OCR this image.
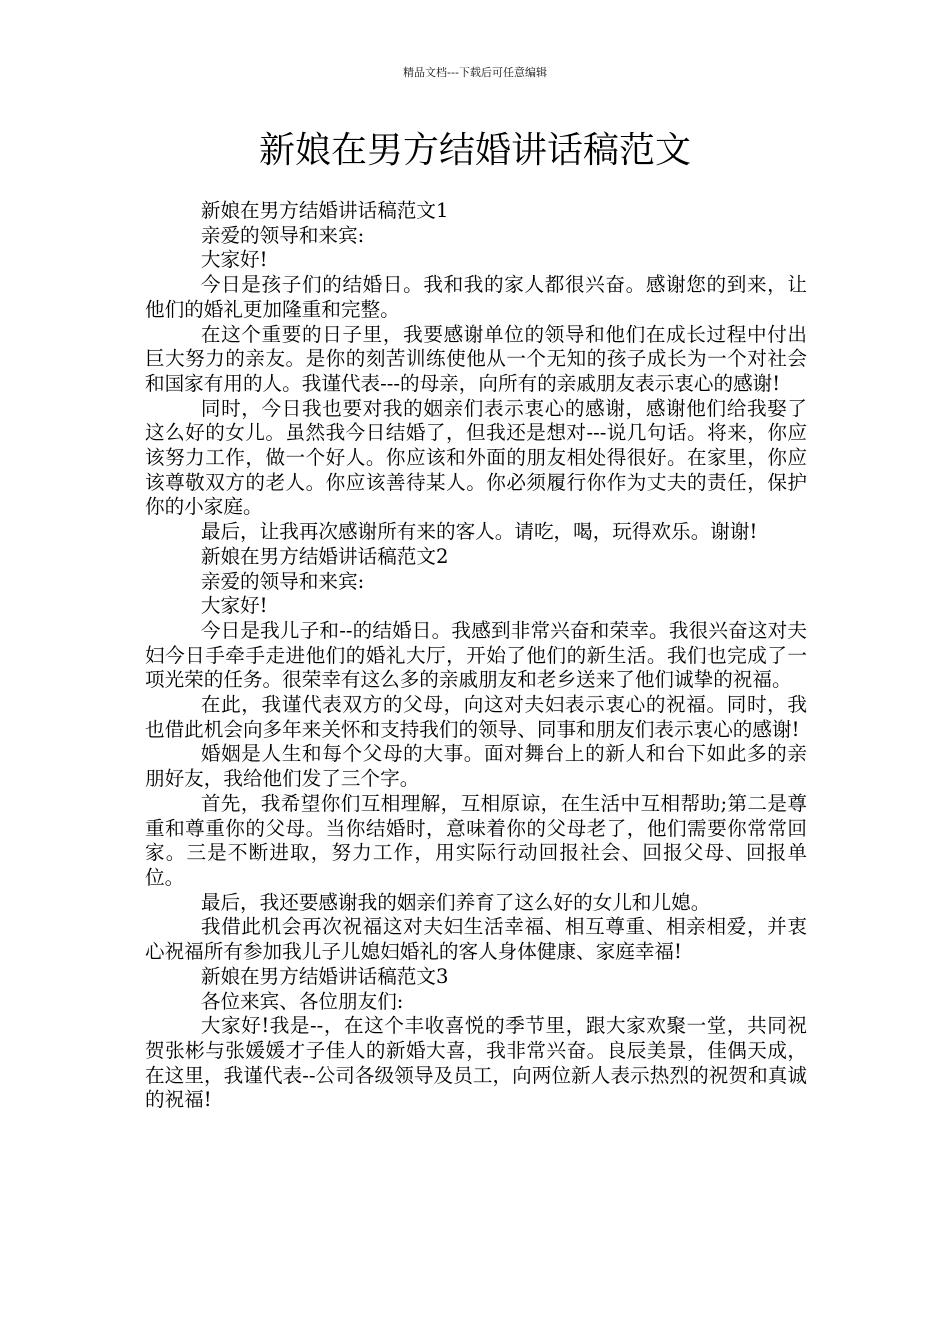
精品文档---下载后可任意编辑
新娘在男方结婚讲话稿范文

新娘在男方结婚讲话稿范文1

亲爱的领导和来宾:

大家好!

今日是孩子们的结婚日。我和我的家人都很兴奋。感谢您的到来，让他们的婚礼更加隆重和完整。

在这个重要的日子里，我要感谢单位的领导和他们在成长过程中付出巨大努力的亲友。是你的刻苦训练使他从一个无知的孩子成长为一个对社会和国家有用的人。我谨代表---的母亲，向所有的亲戚朋友表示衷心的感谢!

同时，今日我也要对我的姻亲们表示衷心的感谢，感谢他们给我娶了这么好的女儿。虽然我今日结婚了，但我还是想对---说几句话。将来，你应该努力工作，做一个好人。你应该和外面的朋友相处得很好。在家里，你应该尊敬双方的老人。你应该善待某人。你必须履行你作为丈夫的责任，保护你的小家庭。

最后，让我再次感谢所有来的客人。请吃，喝，玩得欢乐。谢谢!

新娘在男方结婚讲话稿范文2

亲爱的领导和来宾:

大家好!

今日是我儿子和--的结婚日。我感到非常兴奋和荣幸。我很兴奋这对夫妇今日手牵手走进他们的婚礼大厅，开始了他们的新生活。我们也完成了一项光荣的任务。很荣幸有这么多的亲戚朋友和老乡送来了他们诚挚的祝福。

在此，我谨代表双方的父母，向这对夫妇表示衷心的祝福。同时，我也借此机会向多年来关怀和支持我们的领导、同事和朋友们表示衷心的感谢!

婚姻是人生和每个父母的大事。面对舞台上的新人和台下如此多的亲朋好友，我给他们发了三个字。

首先，我希望你们互相理解，互相原谅，在生活中互相帮助;第二是尊重和尊重你的父母。当你结婚时，意味着你的父母老了，他们需要你常常回家。三是不断进取，努力工作，用实际行动回报社会、回报父母、回报单位。

最后，我还要感谢我的姻亲们养育了这么好的女儿和儿媳。

我借此机会再次祝福这对夫妇生活幸福、相互尊重、相亲相爱，并衷心祝福所有参加我儿子儿媳妇婚礼的客人身体健康、家庭幸福!

新娘在男方结婚讲话稿范文3

各位来宾、各位朋友们:

大家好!我是--，在这个丰收喜悦的季节里，跟大家欢聚一堂，共同祝贺张彬与张媛媛才子佳人的新婚大喜，我非常兴奋。良辰美景，佳偶天成，在这里，我谨代表--公司各级领导及员工，向两位新人表示热烈的祝贺和真诚的祝福!
